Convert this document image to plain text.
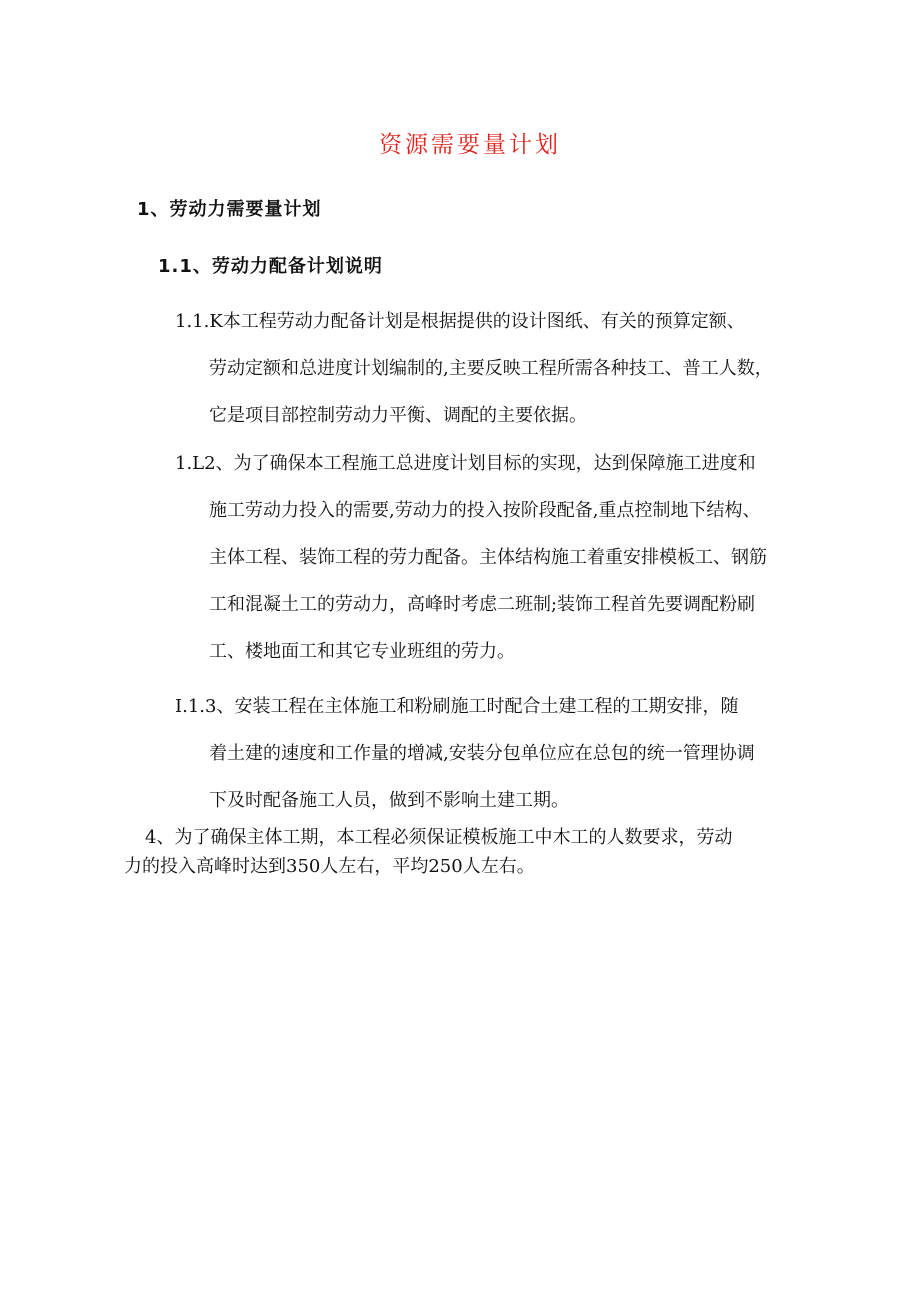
资源需要量计划
1、劳动力需要量计划
1.1、劳动力配备计划说明
1.1.K本工程劳动力配备计划是根据提供的设计图纸、有关的预算定额、
劳动定额和总进度计划编制的,主要反映工程所需各种技工、普工人数，
它是项目部控制劳动力平衡、调配的主要依据。
1.L2、为了确保本工程施工总进度计划目标的实现，达到保障施工进度和
施工劳动力投入的需要,劳动力的投入按阶段配备,重点控制地下结构、
主体工程、装饰工程的劳力配备。主体结构施工着重安排模板工、钢筋
工和混凝土工的劳动力，高峰时考虑二班制;装饰工程首先要调配粉刷
工、楼地面工和其它专业班组的劳力。
I.1.3、安装工程在主体施工和粉刷施工时配合土建工程的工期安排，随
着土建的速度和工作量的增减,安装分包单位应在总包的统一管理协调
下及时配备施工人员，做到不影响土建工期。
4、为了确保主体工期，本工程必须保证模板施工中木工的人数要求，劳动
力的投入高峰时达到350人左右，平均250人左右。
